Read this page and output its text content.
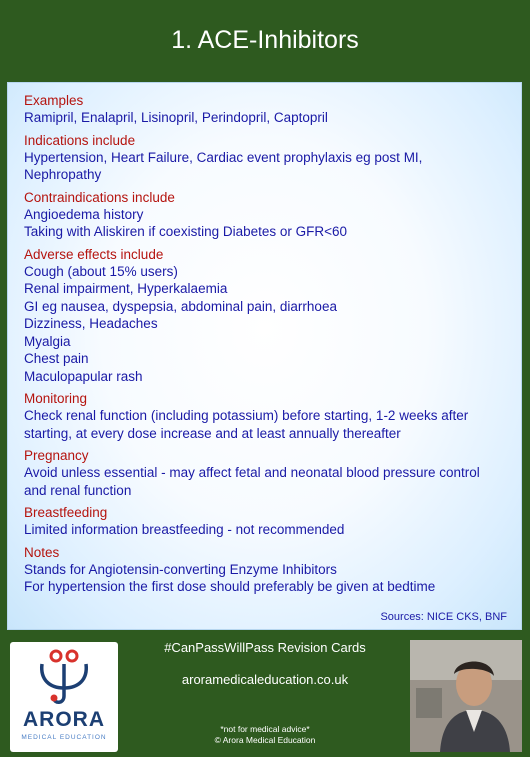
1. ACE-Inhibitors
Examples
Ramipril, Enalapril, Lisinopril, Perindopril, Captopril
Indications include
Hypertension, Heart Failure, Cardiac event prophylaxis eg post MI,
Nephropathy
Contraindications include
Angioedema history
Taking with Aliskiren if coexisting Diabetes or GFR<60
Adverse effects include
Cough (about 15% users)
Renal impairment, Hyperkalaemia
GI eg nausea, dyspepsia, abdominal pain, diarrhoea
Dizziness, Headaches
Myalgia
Chest pain
Maculopapular rash
Monitoring
Check renal function (including potassium) before starting, 1-2 weeks after
starting, at every dose increase and at least annually thereafter
Pregnancy
Avoid unless essential - may affect fetal and neonatal blood pressure control
and renal function
Breastfeeding
Limited information breastfeeding - not recommended
Notes
Stands for Angiotensin-converting Enzyme Inhibitors
For hypertension the first dose should preferably be given at bedtime
Sources: NICE CKS, BNF
ARORA
MEDICAL EDUCATION
#CanPassWillPass Revision Cards
aroramedicaleducation.co.uk
*not for medical advice*
© Arora Medical Education
